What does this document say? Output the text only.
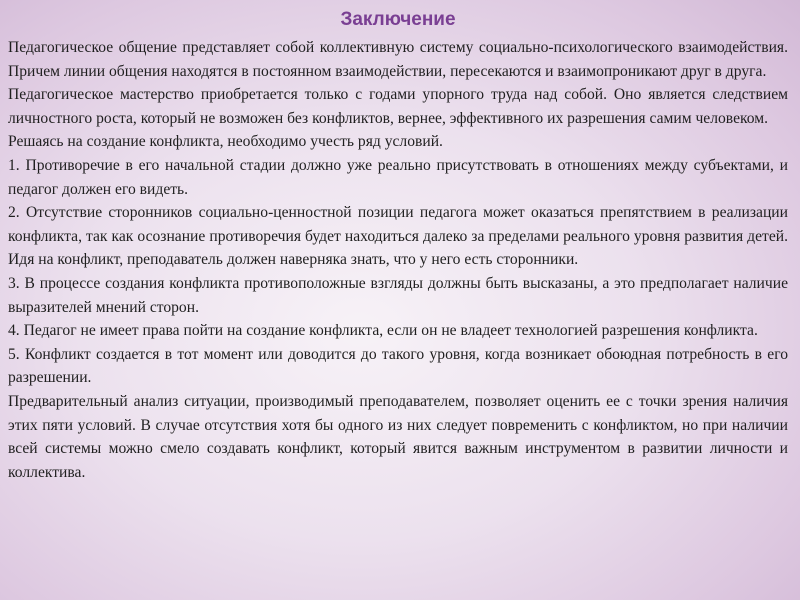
Заключение

Педагогическое общение представляет собой коллективную систему социально-психологического взаимодействия. Причем линии общения находятся в постоянном взаимодействии, пересекаются и взаимопроникают друг в друга.

Педагогическое мастерство приобретается только с годами упорного труда над собой. Оно является следствием личностного роста, который не возможен без конфликтов, вернее, эффективного их разрешения самим человеком.

Решаясь на создание конфликта, необходимо учесть ряд условий.

1. Противоречие в его начальной стадии должно уже реально присутствовать в отношениях между субъектами, и педагог должен его видеть.

2. Отсутствие сторонников социально-ценностной позиции педагога может оказаться препятствием в реализации конфликта, так как осознание противоречия будет находиться далеко за пределами реального уровня развития детей. Идя на конфликт, преподаватель должен наверняка знать, что у него есть сторонники.

3. В процессе создания конфликта противоположные взгляды должны быть высказаны, а это предполагает наличие выразителей мнений сторон.

4. Педагог не имеет права пойти на создание конфликта, если он не владеет технологией разрешения конфликта.

5. Конфликт создается в тот момент или доводится до такого уровня, когда возникает обоюдная потребность в его разрешении.

Предварительный анализ ситуации, производимый преподавателем, позволяет оценить ее с точки зрения наличия этих пяти условий. В случае отсутствия хотя бы одного из них следует повременить с конфликтом, но при наличии всей системы можно смело создавать конфликт, который явится важным инструментом в развитии личности и коллектива.
